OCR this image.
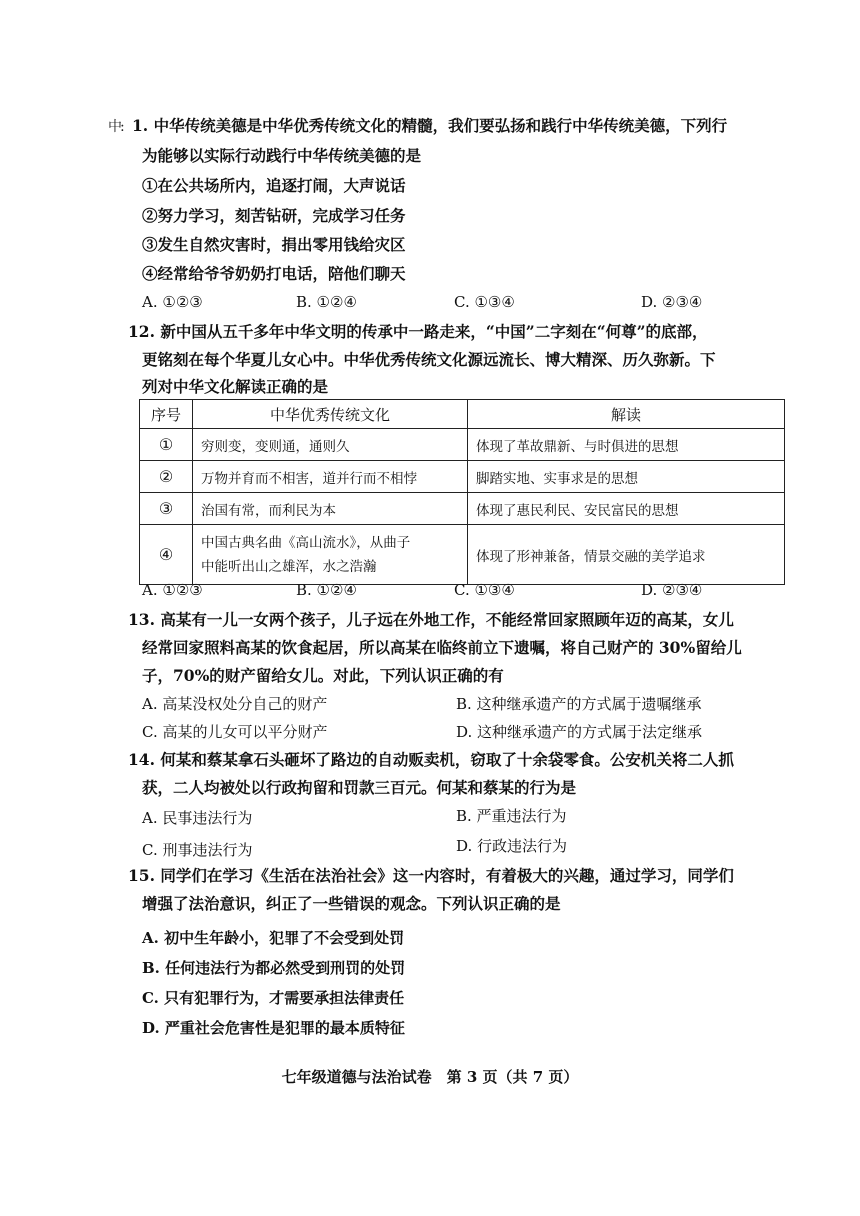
中: 1. 中华传统美德是中华优秀传统文化的精髓，我们要弘扬和践行中华传统美德，下列行
为能够以实际行动践行中华传统美德的是
①在公共场所内，追逐打闹，大声说话
②努力学习，刻苦钻研，完成学习任务
③发生自然灾害时，捐出零用钱给灾区
④经常给爷爷奶奶打电话，陪他们聊天
A. ①②③	B. ①②④	C. ①③④	D. ②③④
12. 新中国从五千多年中华文明的传承中一路走来，“中国”二字刻在“何尊”的底部，
更铭刻在每个华夏儿女心中。中华优秀传统文化源远流长、博大精深、历久弥新。下
列对中华文化解读正确的是
序号	中华优秀传统文化	解读
①	穷则变，变则通，通则久	体现了革故鼎新、与时俱进的思想
②	万物并育而不相害，道并行而不相悖	脚踏实地、实事求是的思想
③	治国有常，而利民为本	体现了惠民利民、安民富民的思想
④	中国古典名曲《高山流水》，从曲子
中能听出山之雄浑，水之浩瀚	体现了形神兼备，情景交融的美学追求
A. ①②③	B. ①②④	C. ①③④	D. ②③④
13. 高某有一儿一女两个孩子，儿子远在外地工作，不能经常回家照顾年迈的高某，女儿
经常回家照料高某的饮食起居，所以高某在临终前立下遗嘱，将自己财产的 30%留给儿
子，70%的财产留给女儿。对此，下列认识正确的有
A. 高某没权处分自己的财产	B. 这种继承遗产的方式属于遗嘱继承
C. 高某的儿女可以平分财产	D. 这种继承遗产的方式属于法定继承
14. 何某和蔡某拿石头砸坏了路边的自动贩卖机，窃取了十余袋零食。公安机关将二人抓
获，二人均被处以行政拘留和罚款三百元。何某和蔡某的行为是
A. 民事违法行为	B. 严重违法行为
C. 刑事违法行为	D. 行政违法行为
15. 同学们在学习《生活在法治社会》这一内容时，有着极大的兴趣，通过学习，同学们
增强了法治意识，纠正了一些错误的观念。下列认识正确的是
A. 初中生年龄小，犯罪了不会受到处罚
B. 任何违法行为都必然受到刑罚的处罚
C. 只有犯罪行为，才需要承担法律责任
D. 严重社会危害性是犯罪的最本质特征
七年级道德与法治试卷　第 3 页（共 7 页）
